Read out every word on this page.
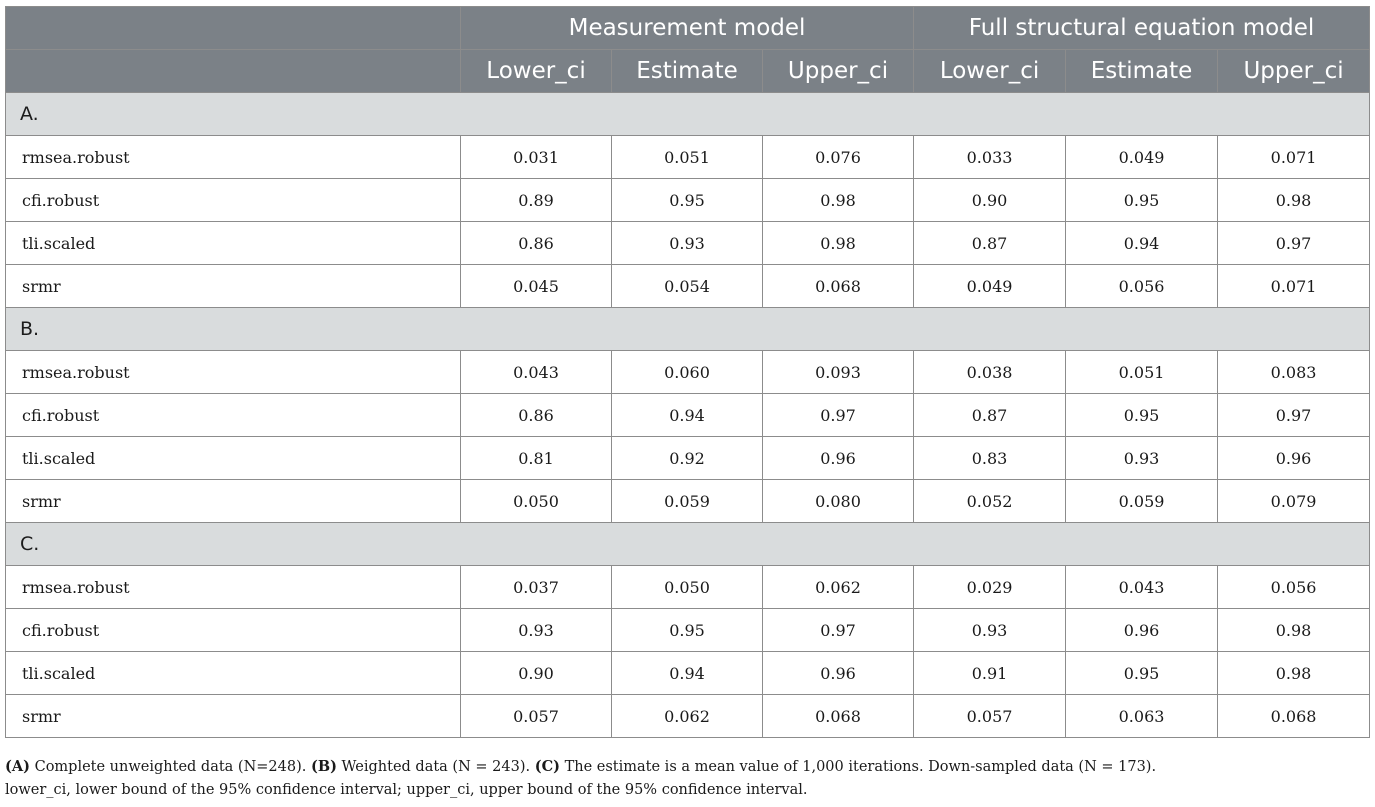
	Measurement model			Full structural equation model		
	Lower_ci	Estimate	Upper_ci	Lower_ci	Estimate	Upper_ci
A.						
rmsea.robust	0.031	0.051	0.076	0.033	0.049	0.071
cfi.robust	0.89	0.95	0.98	0.90	0.95	0.98
tli.scaled	0.86	0.93	0.98	0.87	0.94	0.97
srmr	0.045	0.054	0.068	0.049	0.056	0.071
B.						
rmsea.robust	0.043	0.060	0.093	0.038	0.051	0.083
cfi.robust	0.86	0.94	0.97	0.87	0.95	0.97
tli.scaled	0.81	0.92	0.96	0.83	0.93	0.96
srmr	0.050	0.059	0.080	0.052	0.059	0.079
C.						
rmsea.robust	0.037	0.050	0.062	0.029	0.043	0.056
cfi.robust	0.93	0.95	0.97	0.93	0.96	0.98
tli.scaled	0.90	0.94	0.96	0.91	0.95	0.98
srmr	0.057	0.062	0.068	0.057	0.063	0.068
(A) Complete unweighted data (N=248). (B) Weighted data (N = 243). (C) The estimate is a mean value of 1,000 iterations. Down-sampled data (N = 173).
lower_ci, lower bound of the 95% confidence interval; upper_ci, upper bound of the 95% confidence interval.
